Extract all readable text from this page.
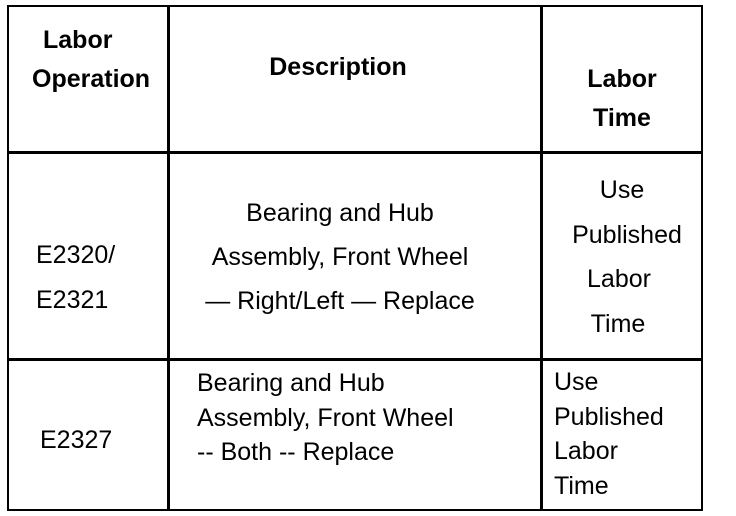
Labor
Operation	Description	Labor
Time
E2320/
E2321
Bearing and Hub
Assembly, Front Wheel
— Right/Left — Replace
Use
Published
Labor
Time
E2327
Bearing and Hub
Assembly, Front Wheel
-- Both -- Replace
Use
Published
Labor
Time
